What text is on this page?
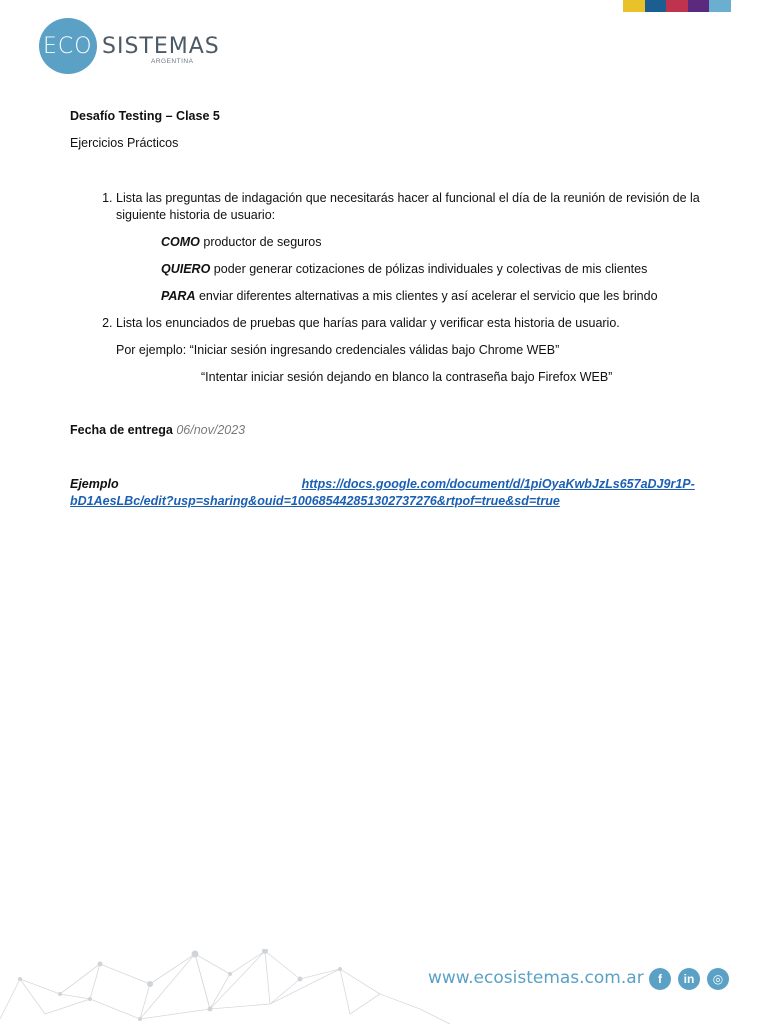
ECO SISTEMAS
ARGENTINA

Desafío Testing – Clase 5

Ejercicios Prácticos

1. Lista las preguntas de indagación que necesitarás hacer al funcional el día de la reunión de revisión de la siguiente historia de usuario:

COMO productor de seguros

QUIERO poder generar cotizaciones de pólizas individuales y colectivas de mis clientes

PARA enviar diferentes alternativas a mis clientes y así acelerar el servicio que les brindo

2. Lista los enunciados de pruebas que harías para validar y verificar esta historia de usuario.

Por ejemplo: “Iniciar sesión ingresando credenciales válidas bajo Chrome WEB”

“Intentar iniciar sesión dejando en blanco la contraseña bajo Firefox WEB”

Fecha de entrega 06/nov/2023

Ejemplo	https://docs.google.com/document/d/1piOyaKwbJzLs657aDJ9r1P-bD1AesLBc/edit?usp=sharing&ouid=100685442851302737276&rtpof=true&sd=true

www.ecosistemas.com.ar	f	in	◎
